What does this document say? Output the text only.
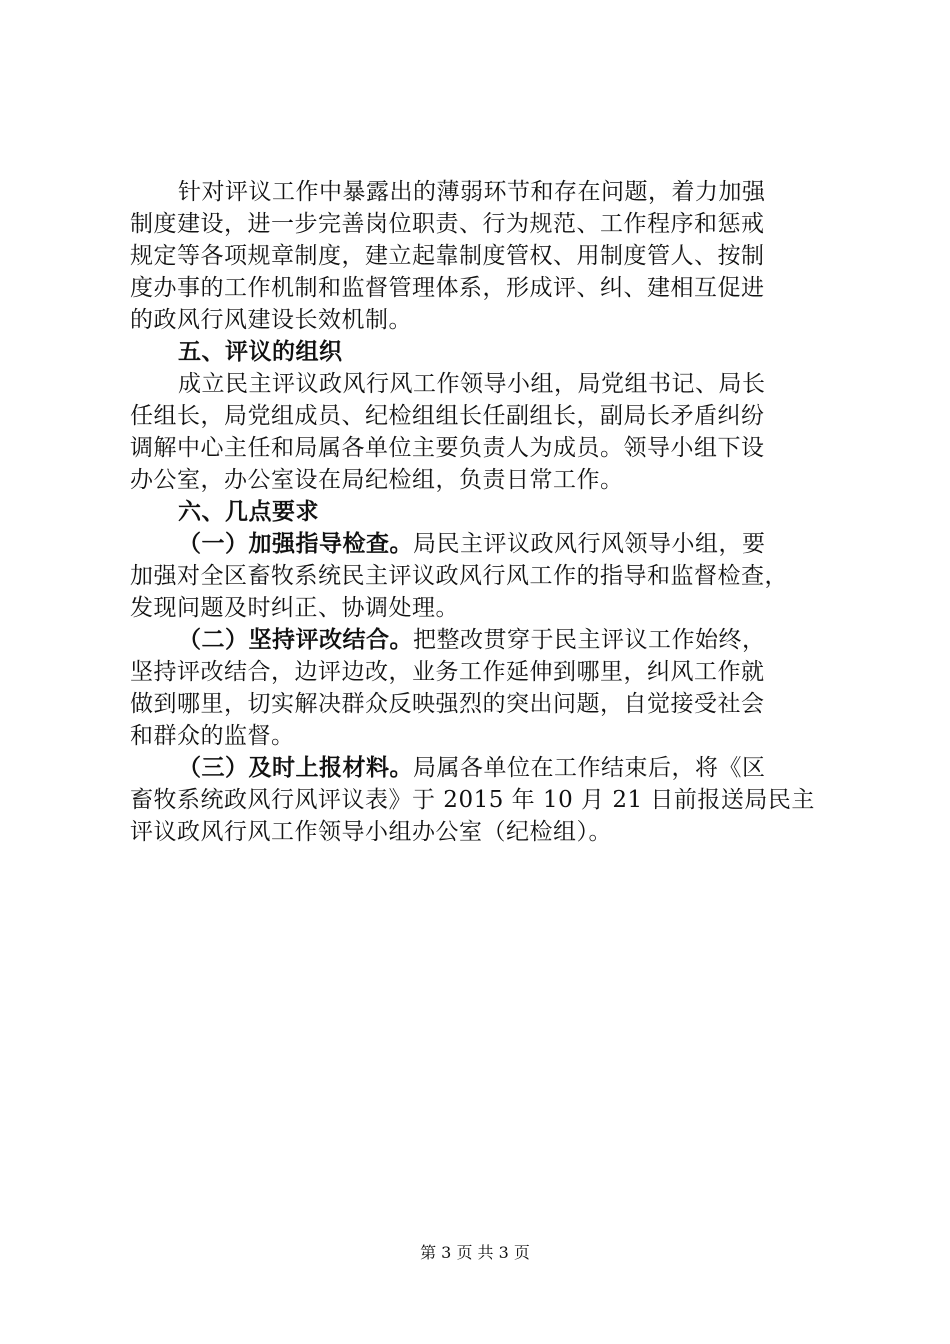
针对评议工作中暴露出的薄弱环节和存在问题，着力加强
制度建设，进一步完善岗位职责、行为规范、工作程序和惩戒
规定等各项规章制度，建立起靠制度管权、用制度管人、按制
度办事的工作机制和监督管理体系，形成评、纠、建相互促进
的政风行风建设长效机制。
五、评议的组织
成立民主评议政风行风工作领导小组，局党组书记、局长
任组长，局党组成员、纪检组组长任副组长，副局长矛盾纠纷
调解中心主任和局属各单位主要负责人为成员。领导小组下设
办公室，办公室设在局纪检组，负责日常工作。
六、几点要求
（一）加强指导检查。局民主评议政风行风领导小组，要
加强对全区畜牧系统民主评议政风行风工作的指导和监督检查，
发现问题及时纠正、协调处理。
（二）坚持评改结合。把整改贯穿于民主评议工作始终，
坚持评改结合，边评边改，业务工作延伸到哪里，纠风工作就
做到哪里，切实解决群众反映强烈的突出问题，自觉接受社会
和群众的监督。
（三）及时上报材料。局属各单位在工作结束后，将《区
畜牧系统政风行风评议表》于 2015 年 10 月 21 日前报送局民主
评议政风行风工作领导小组办公室（纪检组）。
第 3 页 共 3 页
